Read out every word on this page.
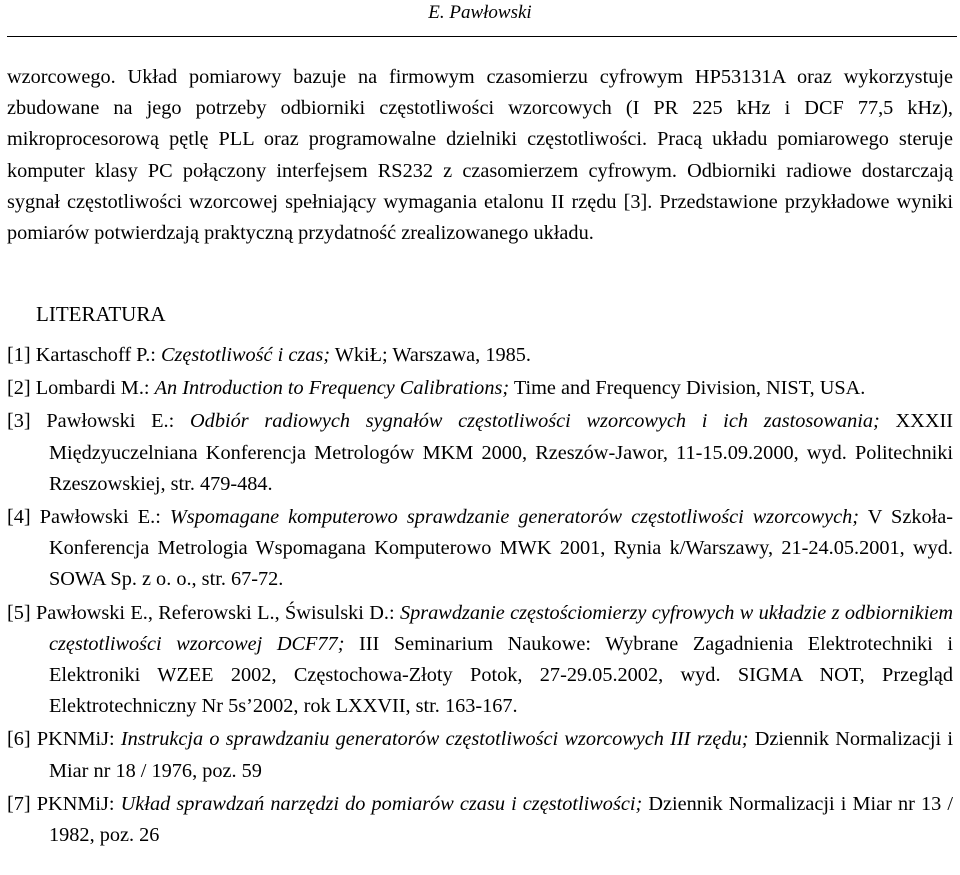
E. Pawłowski

wzorcowego. Układ pomiarowy bazuje na firmowym czasomierzu cyfrowym HP53131A oraz wykorzystuje zbudowane na jego potrzeby odbiorniki częstotliwości wzorcowych (I PR 225 kHz i DCF 77,5 kHz), mikroprocesorową pętlę PLL oraz programowalne dzielniki częstotliwości. Pracą układu pomiarowego steruje komputer klasy PC połączony interfejsem RS232 z czasomierzem cyfrowym. Odbiorniki radiowe dostarczają sygnał częstotliwości wzorcowej spełniający wymagania etalonu II rzędu [3]. Przedstawione przykładowe wyniki pomiarów potwierdzają praktyczną przydatność zrealizowanego układu.

LITERATURA
[1] Kartaschoff P.: Częstotliwość i czas; WkiŁ; Warszawa, 1985.
[2] Lombardi M.: An Introduction to Frequency Calibrations; Time and Frequency Division, NIST, USA.
[3] Pawłowski E.: Odbiór radiowych sygnałów częstotliwości wzorcowych i ich zastosowania; XXXII Międzyuczelniana Konferencja Metrologów MKM 2000, Rzeszów-Jawor, 11-15.09.2000, wyd. Politechniki Rzeszowskiej, str. 479-484.
[4] Pawłowski E.: Wspomagane komputerowo sprawdzanie generatorów częstotliwości wzorcowych; V Szkoła-Konferencja Metrologia Wspomagana Komputerowo MWK 2001, Rynia k/Warszawy, 21-24.05.2001, wyd. SOWA Sp. z o. o., str. 67-72.
[5] Pawłowski E., Referowski L., Świsulski D.: Sprawdzanie częstościomierzy cyfrowych w układzie z odbiornikiem częstotliwości wzorcowej DCF77; III Seminarium Naukowe: Wybrane Zagadnienia Elektrotechniki i Elektroniki WZEE 2002, Częstochowa-Złoty Potok, 27-29.05.2002, wyd. SIGMA NOT, Przegląd Elektrotechniczny Nr 5s’2002, rok LXXVII, str. 163-167.
[6] PKNMiJ: Instrukcja o sprawdzaniu generatorów częstotliwości wzorcowych III rzędu; Dziennik Normalizacji i Miar nr 18 / 1976, poz. 59
[7] PKNMiJ: Układ sprawdzań narzędzi do pomiarów czasu i częstotliwości; Dziennik Normalizacji i Miar nr 13 / 1982, poz. 26
